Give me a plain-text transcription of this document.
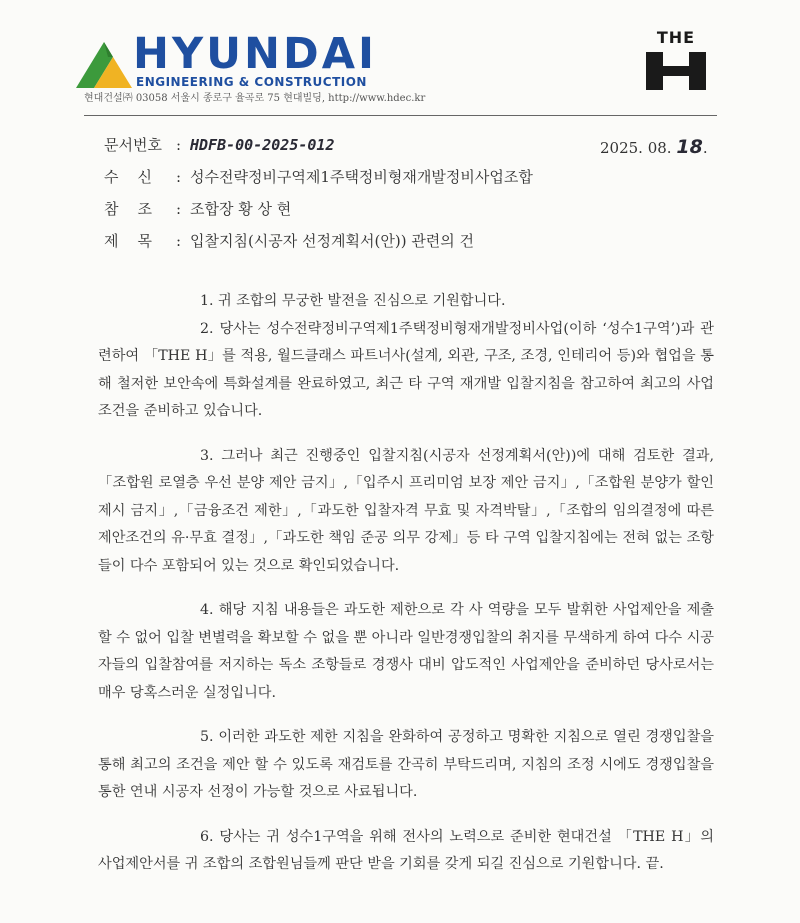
HYUNDAI
ENGINEERING & CONSTRUCTION
현대건설㈜ 03058 서울시 종로구 율곡로 75 현대빌딩, http://www.hdec.kr
THE
문서번호 : HDFB-00-2025-012	2025. 08. 18.
수    신 : 성수전략정비구역제1주택정비형재개발정비사업조합
참    조 : 조합장 황 상 현
제    목 : 입찰지침(시공자 선정계획서(안)) 관련의 건

1. 귀 조합의 무궁한 발전을 진심으로 기원합니다.

2. 당사는 성수전략정비구역제1주택정비형재개발정비사업(이하 ‘성수1구역’)과 관련하여 「THE H」를 적용, 월드클래스 파트너사(설계, 외관, 구조, 조경, 인테리어 등)와 협업을 통해 철저한 보안속에 특화설계를 완료하였고, 최근 타 구역 재개발 입찰지침을 참고하여 최고의 사업조건을 준비하고 있습니다.

3. 그러나 최근 진행중인 입찰지침(시공자 선정계획서(안))에 대해 검토한 결과,「조합원 로열층 우선 분양 제안 금지」,「입주시 프리미엄 보장 제안 금지」,「조합원 분양가 할인 제시 금지」,「금융조건 제한」,「과도한 입찰자격 무효 및 자격박탈」,「조합의 임의결정에 따른 제안조건의 유·무효 결정」,「과도한 책임 준공 의무 강제」등 타 구역 입찰지침에는 전혀 없는 조항들이 다수 포함되어 있는 것으로 확인되었습니다.

4. 해당 지침 내용들은 과도한 제한으로 각 사 역량을 모두 발휘한 사업제안을 제출할 수 없어 입찰 변별력을 확보할 수 없을 뿐 아니라 일반경쟁입찰의 취지를 무색하게 하여 다수 시공자들의 입찰참여를 저지하는 독소 조항들로 경쟁사 대비 압도적인 사업제안을 준비하던 당사로서는 매우 당혹스러운 실정입니다.

5. 이러한 과도한 제한 지침을 완화하여 공정하고 명확한 지침으로 열린 경쟁입찰을 통해 최고의 조건을 제안 할 수 있도록 재검토를 간곡히 부탁드리며, 지침의 조정 시에도 경쟁입찰을 통한 연내 시공자 선정이 가능할 것으로 사료됩니다.

6. 당사는 귀 성수1구역을 위해 전사의 노력으로 준비한 현대건설 「THE H」의 사업제안서를 귀 조합의 조합원님들께 판단 받을 기회를 갖게 되길 진심으로 기원합니다. 끝.
